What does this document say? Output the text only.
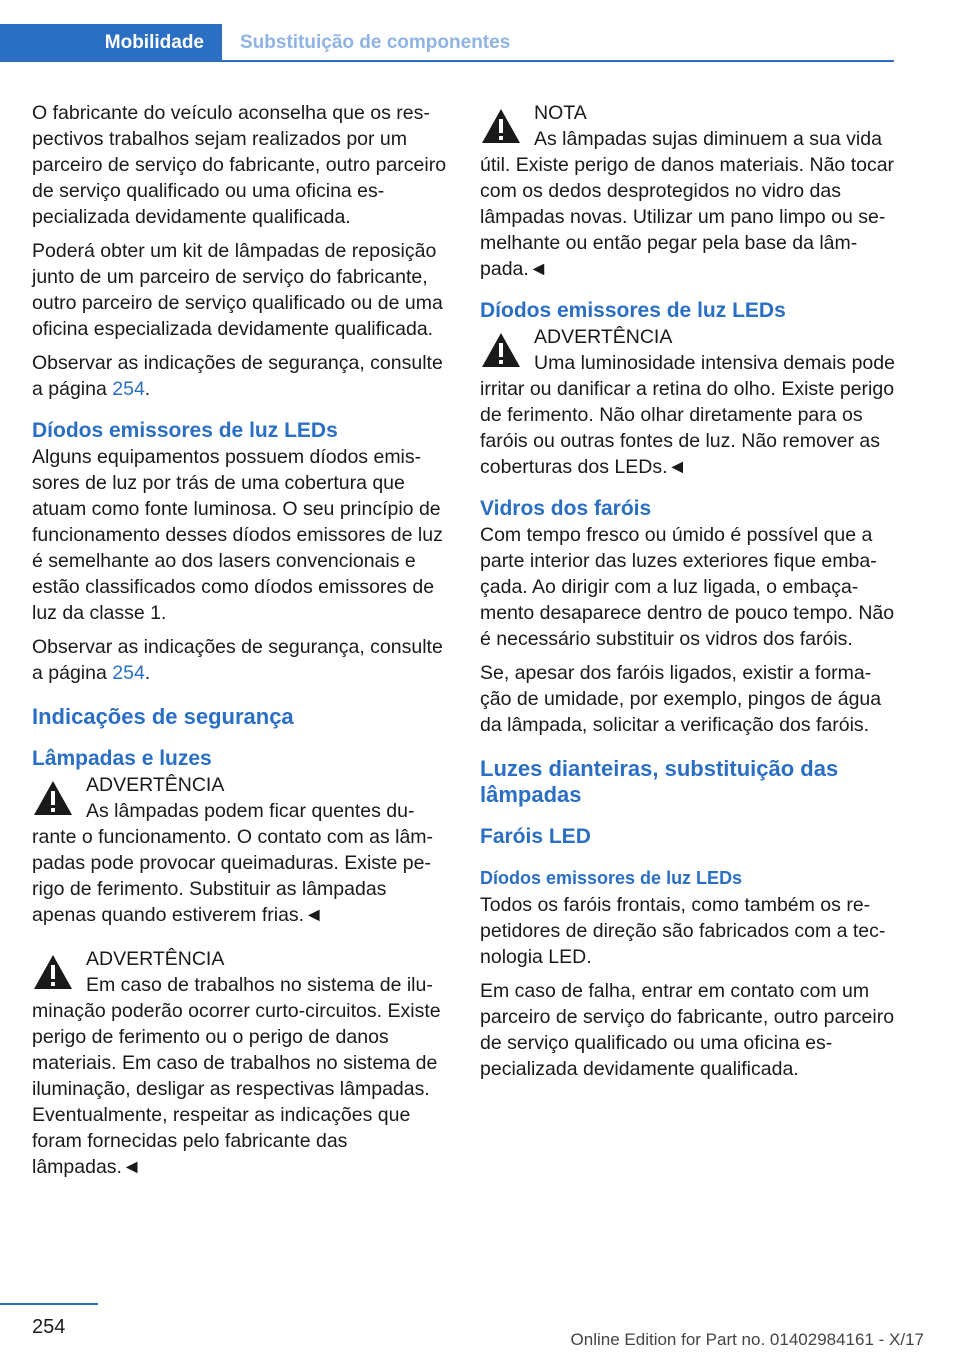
Mobilidade Substituição de componentes

O fabricante do veículo aconselha que os respectivos trabalhos sejam realizados por um parceiro de serviço do fabricante, outro parceiro de serviço qualificado ou uma oficina especializada devidamente qualificada.

Poderá obter um kit de lâmpadas de reposição junto de um parceiro de serviço do fabricante, outro parceiro de serviço qualificado ou de uma oficina especializada devidamente qualificada.

Observar as indicações de segurança, consulte a página 254.

Díodos emissores de luz LEDs

Alguns equipamentos possuem díodos emissores de luz por trás de uma cobertura que atuam como fonte luminosa. O seu princípio de funcionamento desses díodos emissores de luz é semelhante ao dos lasers convencionais e estão classificados como díodos emissores de luz da classe 1.

Observar as indicações de segurança, consulte a página 254.

Indicações de segurança
Lâmpadas e luzes
ADVERTÊNCIA
As lâmpadas podem ficar quentes durante o funcionamento. O contato com as lâmpadas pode provocar queimaduras. Existe perigo de ferimento. Substituir as lâmpadas apenas quando estiverem frias.◄
ADVERTÊNCIA
Em caso de trabalhos no sistema de iluminação poderão ocorrer curto-circuitos. Existe perigo de ferimento ou o perigo de danos materiais. Em caso de trabalhos no sistema de iluminação, desligar as respectivas lâmpadas. Eventualmente, respeitar as indicações que foram fornecidas pelo fabricante das lâmpadas.◄
NOTA
As lâmpadas sujas diminuem a sua vida útil. Existe perigo de danos materiais. Não tocar com os dedos desprotegidos no vidro das lâmpadas novas. Utilizar um pano limpo ou semelhante ou então pegar pela base da lâmpada.◄
Díodos emissores de luz LEDs
ADVERTÊNCIA
Uma luminosidade intensiva demais pode irritar ou danificar a retina do olho. Existe perigo de ferimento. Não olhar diretamente para os faróis ou outras fontes de luz. Não remover as coberturas dos LEDs.◄
Vidros dos faróis

Com tempo fresco ou úmido é possível que a parte interior das luzes exteriores fique embaçada. Ao dirigir com a luz ligada, o embaçamento desaparece dentro de pouco tempo. Não é necessário substituir os vidros dos faróis.

Se, apesar dos faróis ligados, existir a formação de umidade, por exemplo, pingos de água da lâmpada, solicitar a verificação dos faróis.

Luzes dianteiras, substituição das lâmpadas
Faróis LED
Díodos emissores de luz LEDs

Todos os faróis frontais, como também os repetidores de direção são fabricados com a tecnologia LED.

Em caso de falha, entrar em contato com um parceiro de serviço do fabricante, outro parceiro de serviço qualificado ou uma oficina especializada devidamente qualificada.

254
Online Edition for Part no. 01402984161 - X/17
